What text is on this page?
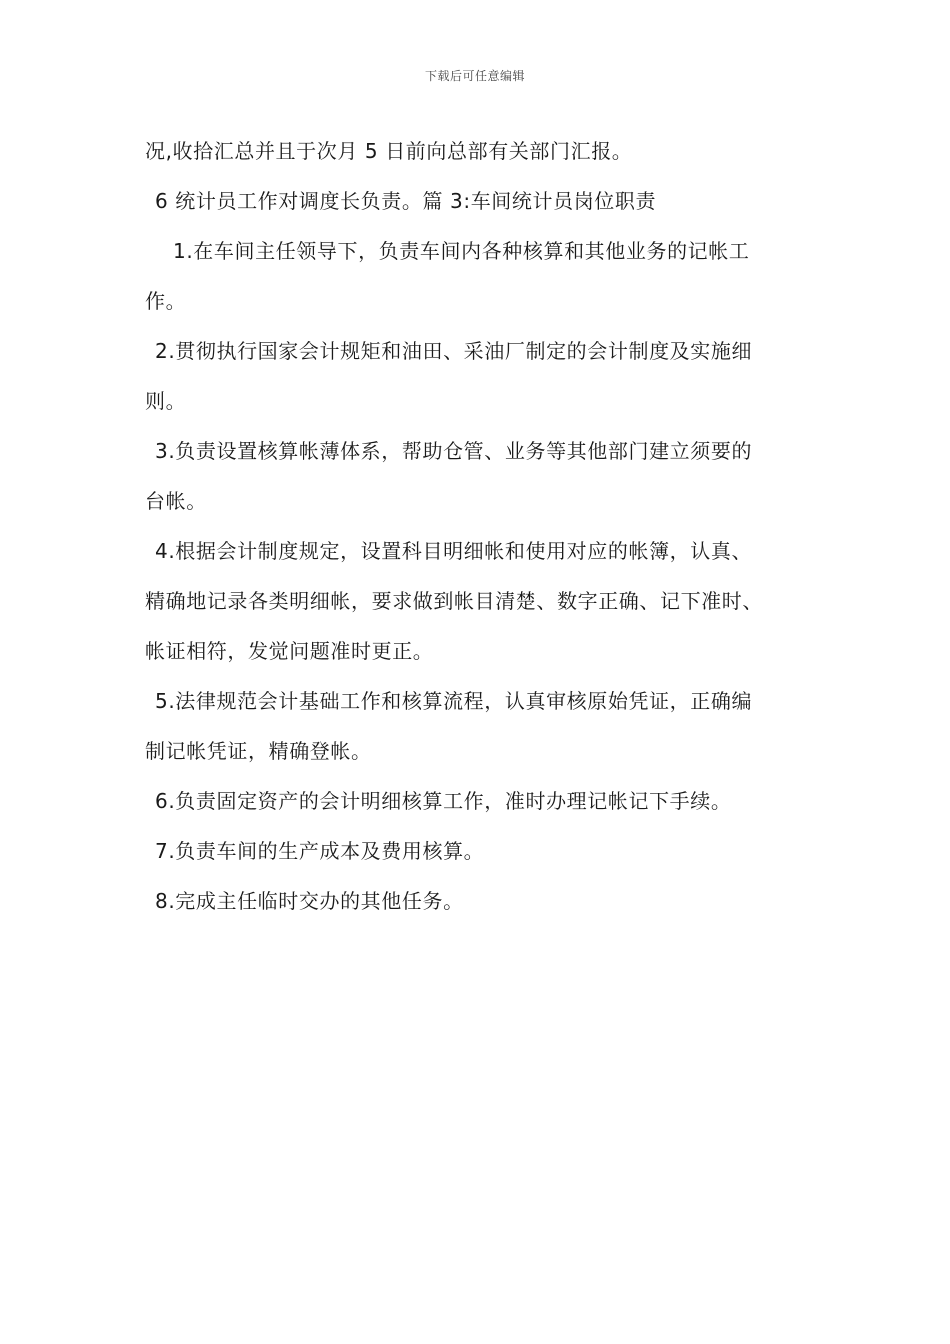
下载后可任意编辑
况,收拾汇总并且于次月 5 日前向总部有关部门汇报。
6 统计员工作对调度长负责。篇 3:车间统计员岗位职责
1.在车间主任领导下，负责车间内各种核算和其他业务的记帐工
作。
2.贯彻执行国家会计规矩和油田、采油厂制定的会计制度及实施细
则。
3.负责设置核算帐薄体系，帮助仓管、业务等其他部门建立须要的
台帐。
4.根据会计制度规定，设置科目明细帐和使用对应的帐簿，认真、
精确地记录各类明细帐，要求做到帐目清楚、数字正确、记下准时、
帐证相符，发觉问题准时更正。
5.法律规范会计基础工作和核算流程，认真审核原始凭证，正确编
制记帐凭证，精确登帐。
6.负责固定资产的会计明细核算工作，准时办理记帐记下手续。
7.负责车间的生产成本及费用核算。
8.完成主任临时交办的其他任务。
